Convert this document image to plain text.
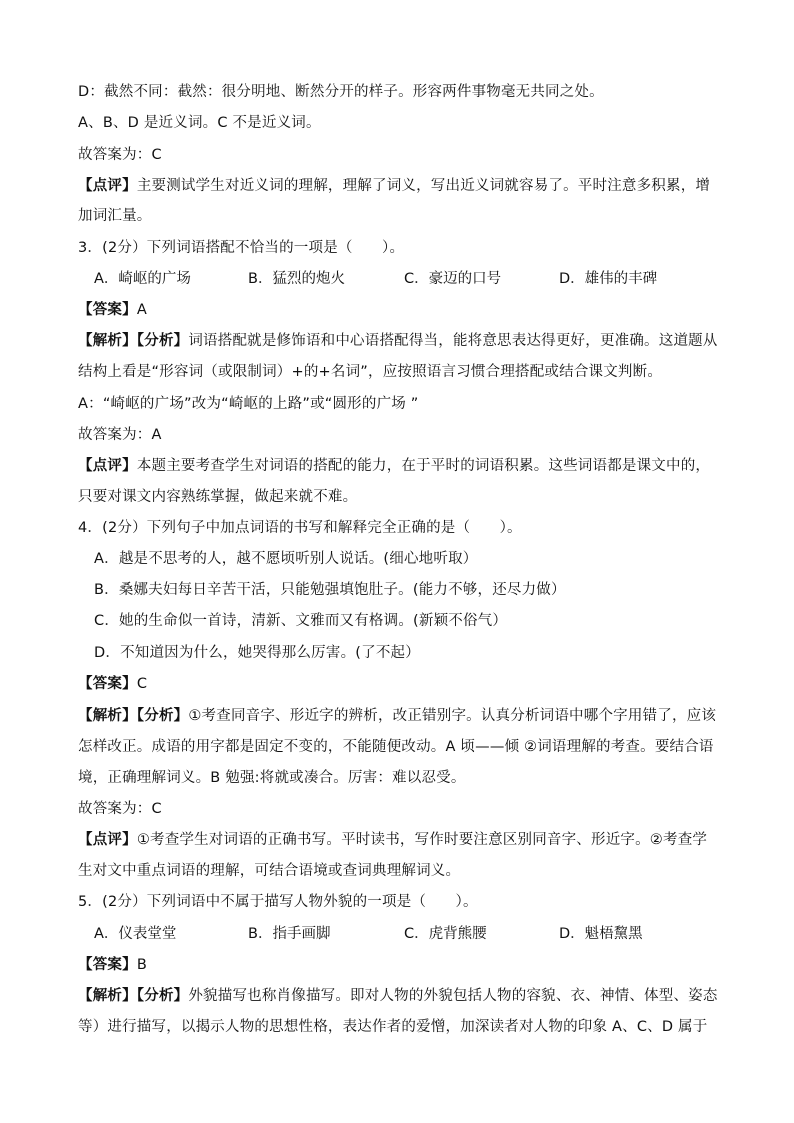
D：截然不同：截然：很分明地、断然分开的样子。形容两件事物毫无共同之处。
A、B、D 是近义词。C 不是近义词。
故答案为：C
【点评】主要测试学生对近义词的理解，理解了词义，写出近义词就容易了。平时注意多积累，增
加词汇量。
3．(2分）下列词语搭配不恰当的一项是（　　）。
A．崎岖的广场	B．猛烈的炮火	C．豪迈的口号	D．雄伟的丰碑
【答案】A
【解析】【分析】词语搭配就是修饰语和中心语搭配得当，能将意思表达得更好，更准确。这道题从
结构上看是“形容词（或限制词）+的+名词”，应按照语言习惯合理搭配或结合课文判断。
A：“崎岖的广场”改为“崎岖的上路”或“圆形的广场 ”
故答案为：A
【点评】本题主要考查学生对词语的搭配的能力，在于平时的词语积累。这些词语都是课文中的，
只要对课文内容熟练掌握，做起来就不难。
4．(2分）下列句子中加点词语的书写和解释完全正确的是（　　）。
A．越是不思考的人，越不愿顷听别人说话。(细心地听取）
B．桑娜夫妇每日辛苦干活，只能勉强填饱肚子。(能力不够，还尽力做）
C．她的生命似一首诗，清新、文雅而又有格调。(新颖不俗气）
D．不知道因为什么，她哭得那么厉害。(了不起）
【答案】C
【解析】【分析】①考查同音字、形近字的辨析，改正错别字。认真分析词语中哪个字用错了，应该
怎样改正。成语的用字都是固定不变的，不能随便改动。A 顷——倾 ②词语理解的考查。要结合语
境，正确理解词义。B 勉强:将就或凑合。厉害：难以忍受。
故答案为：C
【点评】①考查学生对词语的正确书写。平时读书，写作时要注意区别同音字、形近字。②考查学
生对文中重点词语的理解，可结合语境或查词典理解词义。
5．(2分）下列词语中不属于描写人物外貌的一项是（　　）。
A．仪表堂堂	B．指手画脚	C．虎背熊腰	D．魁梧黧黑
【答案】B
【解析】【分析】外貌描写也称肖像描写。即对人物的外貌包括人物的容貌、衣、神情、体型、姿态
等）进行描写，以揭示人物的思想性格，表达作者的爱憎，加深读者对人物的印象 A、C、D 属于
